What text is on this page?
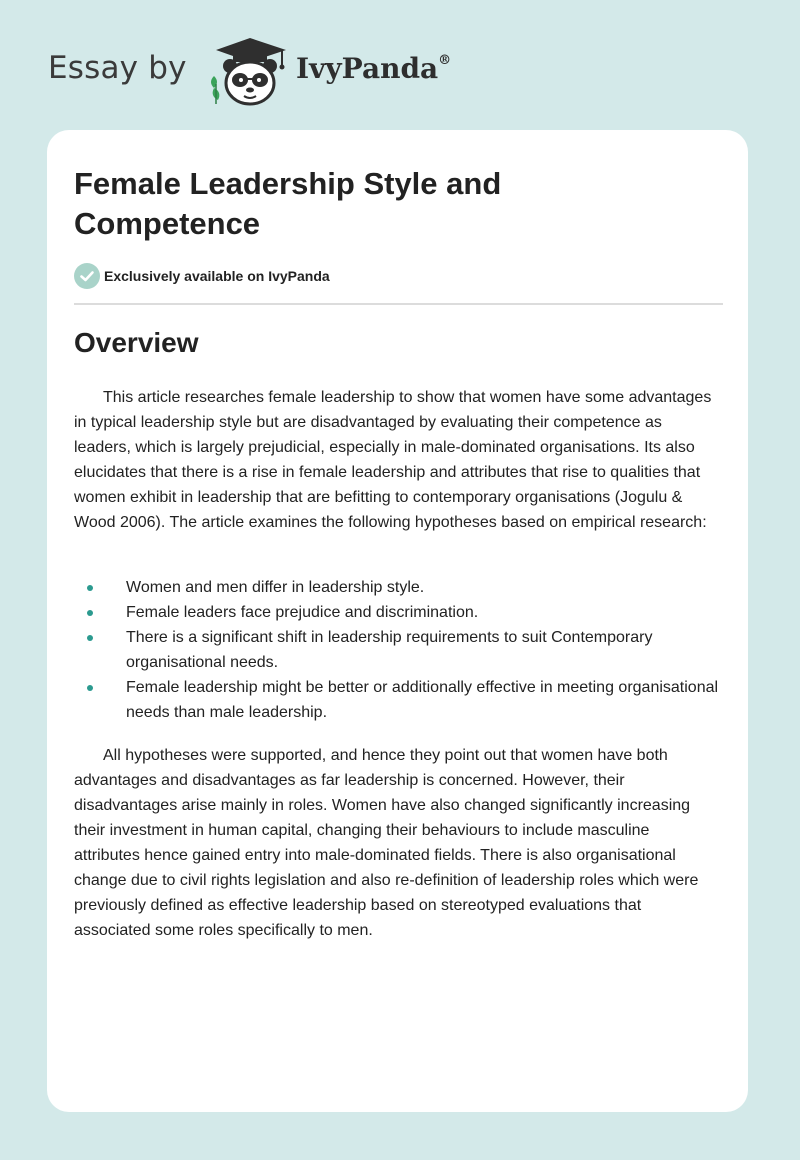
Essay by	IvyPanda®
Female Leadership Style and Competence
Exclusively available on IvyPanda
Overview

This article researches female leadership to show that women have some advantages in typical leadership style but are disadvantaged by evaluating their competence as leaders, which is largely prejudicial, especially in male-dominated organisations. Its also elucidates that there is a rise in female leadership and attributes that rise to qualities that women exhibit in leadership that are befitting to contemporary organisations (Jogulu & Wood 2006). The article examines the following hypotheses based on empirical research:

Women and men differ in leadership style.
Female leaders face prejudice and discrimination.
There is a significant shift in leadership requirements to suit Contemporary organisational needs.
Female leadership might be better or additionally effective in meeting organisational needs than male leadership.

All hypotheses were supported, and hence they point out that women have both advantages and disadvantages as far leadership is concerned. However, their disadvantages arise mainly in roles. Women have also changed significantly increasing their investment in human capital, changing their behaviours to include masculine attributes hence gained entry into male-dominated fields. There is also organisational change due to civil rights legislation and also re-definition of leadership roles which were previously defined as effective leadership based on stereotyped evaluations that associated some roles specifically to men.
